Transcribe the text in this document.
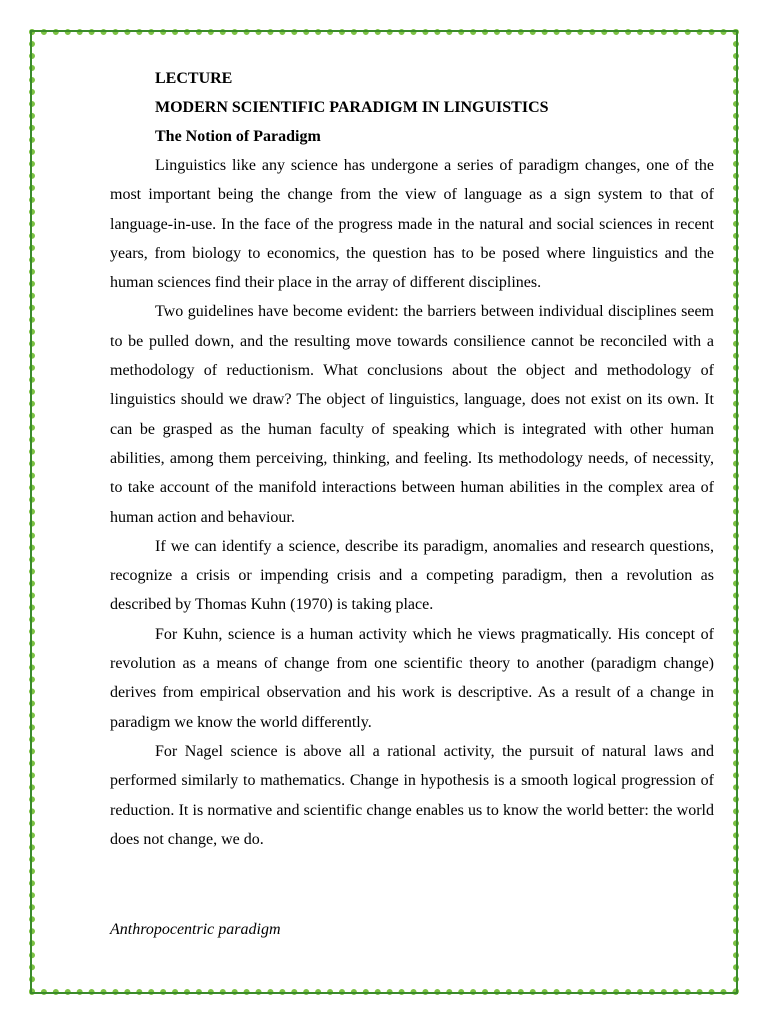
LECTURE

MODERN SCIENTIFIC PARADIGM IN LINGUISTICS

The Notion of Paradigm

Linguistics like any science has undergone a series of paradigm changes, one of the most important being the change from the view of language as a sign system to that of language-in-use. In the face of the progress made in the natural and social sciences in recent years, from biology to economics, the question has to be posed where linguistics and the human sciences find their place in the array of different disciplines.

Two guidelines have become evident: the barriers between individual disciplines seem to be pulled down, and the resulting move towards consilience cannot be reconciled with a methodology of reductionism. What conclusions about the object and methodology of linguistics should we draw? The object of linguistics, language, does not exist on its own. It can be grasped as the human faculty of speaking which is integrated with other human abilities, among them perceiving, thinking, and feeling. Its methodology needs, of necessity, to take account of the manifold interactions between human abilities in the complex area of human action and behaviour.

If we can identify a science, describe its paradigm, anomalies and research questions, recognize a crisis or impending crisis and a competing paradigm, then a revolution as described by Thomas Kuhn (1970) is taking place.

For Kuhn, science is a human activity which he views pragmatically. His concept of revolution as a means of change from one scientific theory to another (paradigm change) derives from empirical observation and his work is descriptive. As a result of a change in paradigm we know the world differently.

For Nagel science is above all a rational activity, the pursuit of natural laws and performed similarly to mathematics. Change in hypothesis is a smooth logical progression of reduction. It is normative and scientific change enables us to know the world better: the world does not change, we do.

Anthropocentric paradigm
